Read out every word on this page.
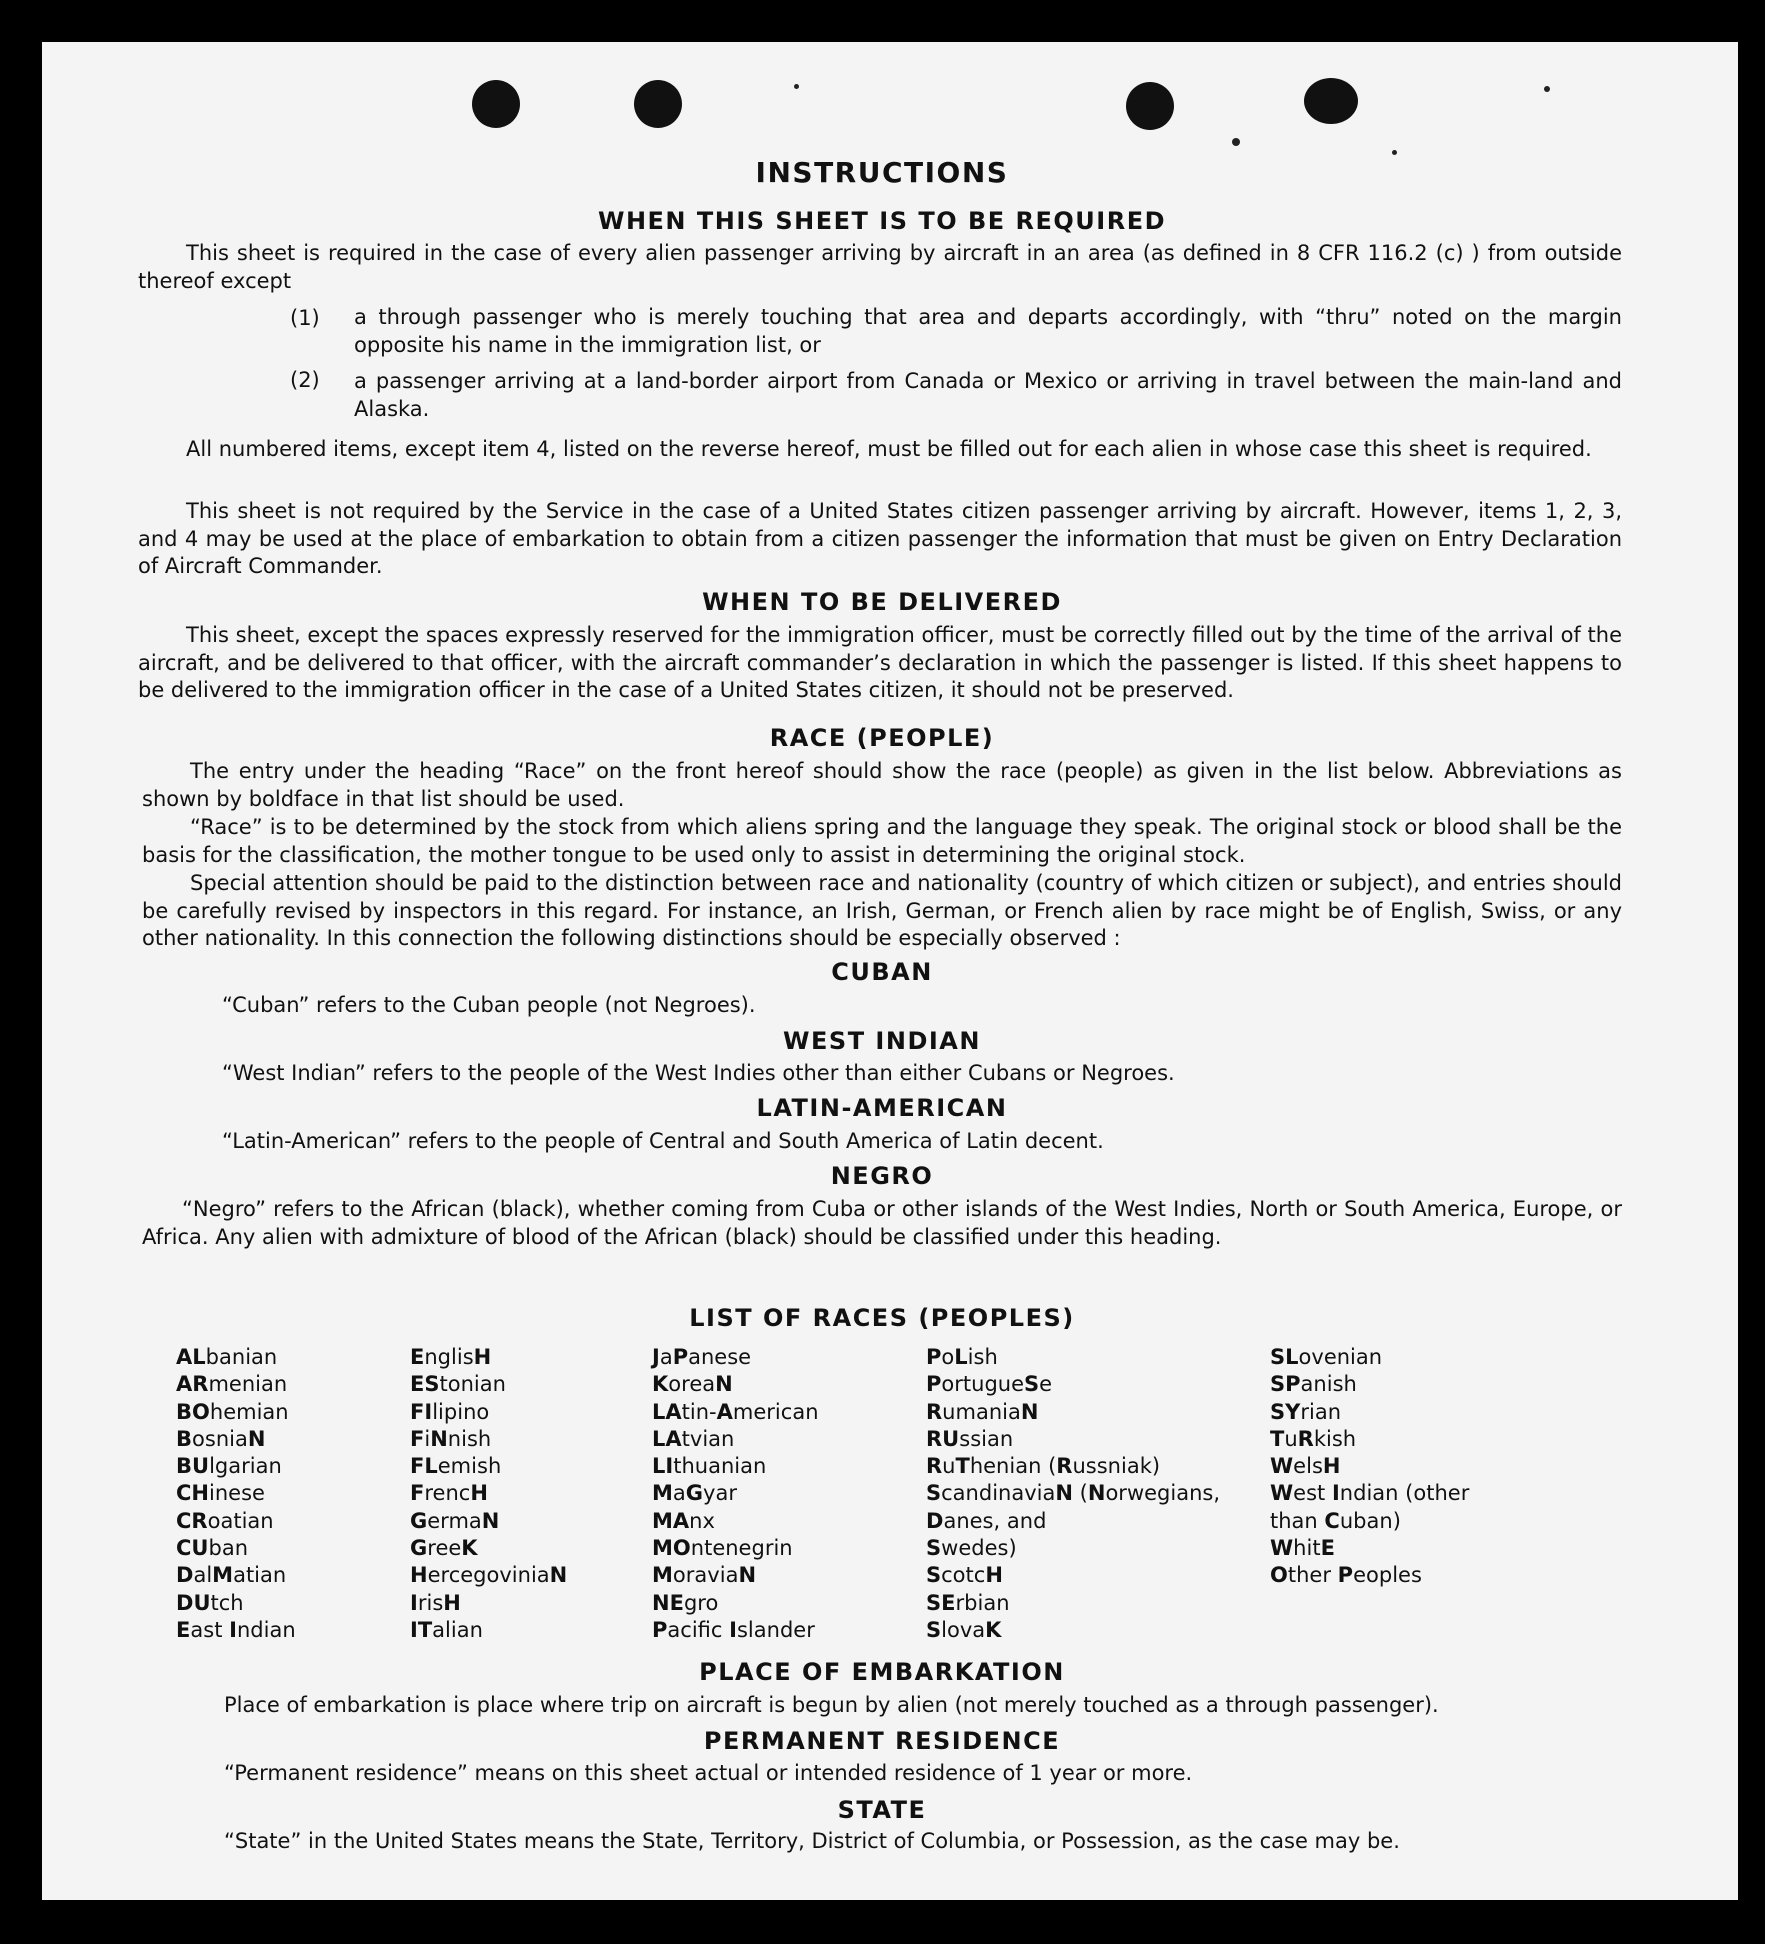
INSTRUCTIONS
WHEN THIS SHEET IS TO BE REQUIRED

This sheet is required in the case of every alien passenger arriving by aircraft in an area (as defined in 8 CFR 116.2 (c) ) from outside thereof except

(1) a through passenger who is merely touching that area and departs accordingly, with “thru” noted on the margin opposite his name in the immigration list, or

(2) a passenger arriving at a land-border airport from Canada or Mexico or arriving in travel between the main-land and Alaska.

All numbered items, except item 4, listed on the reverse hereof, must be filled out for each alien in whose case this sheet is required.

This sheet is not required by the Service in the case of a United States citizen passenger arriving by aircraft. However, items 1, 2, 3, and 4 may be used at the place of embarkation to obtain from a citizen passenger the information that must be given on Entry Declaration of Aircraft Commander.

WHEN TO BE DELIVERED

This sheet, except the spaces expressly reserved for the immigration officer, must be correctly filled out by the time of the arrival of the aircraft, and be delivered to that officer, with the aircraft commander’s declaration in which the passenger is listed. If this sheet happens to be delivered to the immigration officer in the case of a United States citizen, it should not be preserved.

RACE (PEOPLE)

The entry under the heading “Race” on the front hereof should show the race (people) as given in the list below. Abbreviations as shown by boldface in that list should be used.

“Race” is to be determined by the stock from which aliens spring and the language they speak. The original stock or blood shall be the basis for the classification, the mother tongue to be used only to assist in determining the original stock.

Special attention should be paid to the distinction between race and nationality (country of which citizen or subject), and entries should be carefully revised by inspectors in this regard. For instance, an Irish, German, or French alien by race might be of English, Swiss, or any other nationality. In this connection the following distinctions should be especially observed :

CUBAN

“Cuban” refers to the Cuban people (not Negroes).

WEST INDIAN

“West Indian” refers to the people of the West Indies other than either Cubans or Negroes.

LATIN-AMERICAN

“Latin-American” refers to the people of Central and South America of Latin decent.

NEGRO

“Negro” refers to the African (black), whether coming from Cuba or other islands of the West Indies, North or South America, Europe, or Africa. Any alien with admixture of blood of the African (black) should be classified under this heading.

LIST OF RACES (PEOPLES)
ALbanian
ARmenian
BOhemian
BosniaN
BUlgarian
CHinese
CRoatian
CUban
DalMatian
DUtch
East Indian
EnglisH
EStonian
FIlipino
FiNnish
FLemish
FrencH
GermaN
GreeK
HercegoviniaN
IrisH
ITalian
JaPanese
KoreaN
LAtin-American
LAtvian
LIthuanian
MaGyar
MAnx
MOntenegrin
MoraviaN
NEgro
Pacifc Islander
PoLish
PortugueSe
RumaniaN
RUssian
RuThenian (Russniak)
ScandinaviaN (Norwegians,
Danes, and
Swedes)
ScotcH
SErbian
SlovaK
SLovenian
SPanish
SYrian
TuRkish
WelsH
West Indian (other
than Cuban)
WhitE
Other Peoples
PLACE OF EMBARKATION

Place of embarkation is place where trip on aircraft is begun by alien (not merely touched as a through passenger).

PERMANENT RESIDENCE

“Permanent residence” means on this sheet actual or intended residence of 1 year or more.

STATE

“State” in the United States means the State, Territory, District of Columbia, or Possession, as the case may be.
